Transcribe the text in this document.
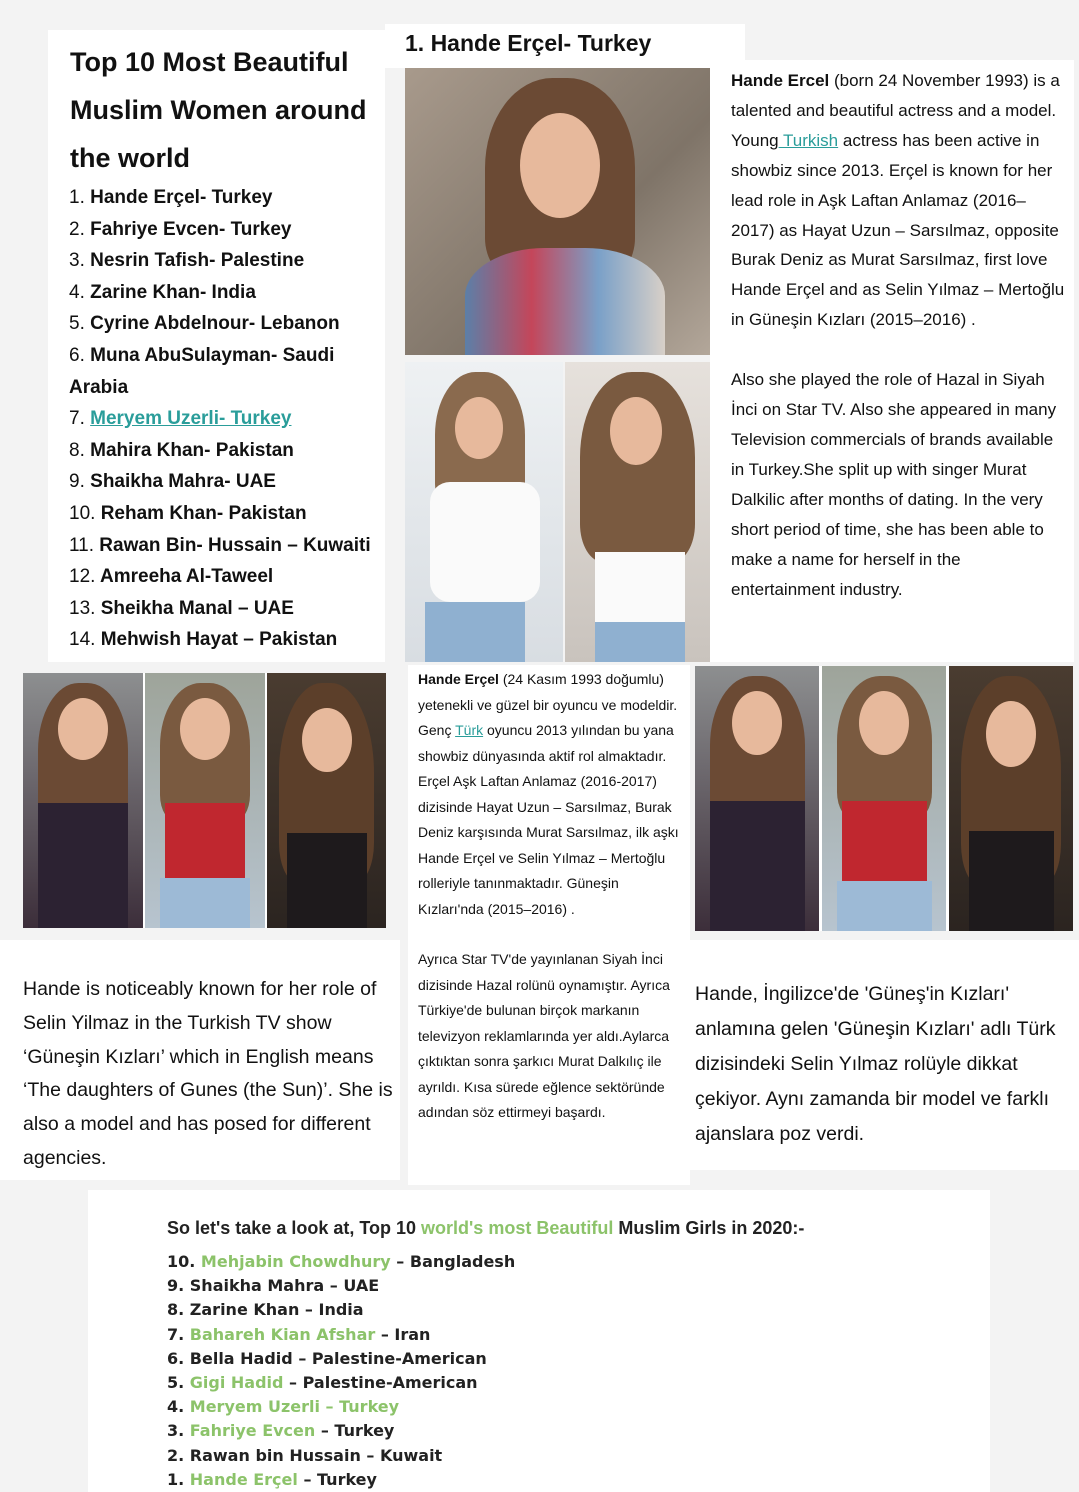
Top 10 Most Beautiful Muslim Women around the world
1. Hande Erçel- Turkey
2. Fahriye Evcen- Turkey
3. Nesrin Tafish- Palestine
4. Zarine Khan- India
5. Cyrine Abdelnour- Lebanon
6. Muna AbuSulayman- Saudi Arabia
7. Meryem Uzerli- Turkey
8. Mahira Khan- Pakistan
9. Shaikha Mahra- UAE
10. Reham Khan- Pakistan
11. Rawan Bin- Hussain – Kuwaiti
12. Amreeha Al-Taweel
13. Sheikha Manal – UAE
14. Mehwish Hayat – Pakistan
1. Hande Erçel- Turkey

Hande Ercel (born 24 November 1993) is a talented and beautiful actress and a model. Young Turkish actress has been active in showbiz since 2013. Erçel is known for her lead role in Aşk Laftan Anlamaz (2016–2017) as Hayat Uzun – Sarsılmaz, opposite Burak Deniz as Murat Sarsılmaz, first love Hande Erçel and as Selin Yılmaz – Mertoğlu in Güneşin Kızları (2015–2016) .

Also she played the role of Hazal in Siyah İnci on Star TV. Also she appeared in many Television commercials of brands available in Turkey.She split up with singer Murat Dalkilic after months of dating. In the very short period of time, she has been able to make a name for herself in the entertainment industry.

Hande Erçel (24 Kasım 1993 doğumlu) yetenekli ve güzel bir oyuncu ve modeldir. Genç Türk oyuncu 2013 yılından bu yana showbiz dünyasında aktif rol almaktadır. Erçel Aşk Laftan Anlamaz (2016-2017) dizisinde Hayat Uzun – Sarsılmaz, Burak Deniz karşısında Murat Sarsılmaz, ilk aşkı Hande Erçel ve Selin Yılmaz – Mertoğlu rolleriyle tanınmaktadır. Güneşin Kızları'nda (2015–2016) .

Ayrıca Star TV'de yayınlanan Siyah İnci dizisinde Hazal rolünü oynamıştır. Ayrıca Türkiye'de bulunan birçok markanın televizyon reklamlarında yer aldı.Aylarca çıktıktan sonra şarkıcı Murat Dalkılıç ile ayrıldı. Kısa sürede eğlence sektöründe adından söz ettirmeyi başardı.

Hande is noticeably known for her role of Selin Yilmaz in the Turkish TV show ‘Güneşin Kızları’ which in English means ‘The daughters of Gunes (the Sun)’. She is also a model and has posed for different agencies.
Hande, İngilizce'de 'Güneş'in Kızları' anlamına gelen 'Güneşin Kızları' adlı Türk dizisindeki Selin Yılmaz rolüyle dikkat çekiyor. Aynı zamanda bir model ve farklı ajanslara poz verdi.
So let's take a look at, Top 10 world's most Beautiful Muslim Girls in 2020:-
10. Mehjabin Chowdhury – Bangladesh
9. Shaikha Mahra – UAE
8. Zarine Khan – India
7. Bahareh Kian Afshar – Iran
6. Bella Hadid – Palestine-American
5. Gigi Hadid – Palestine-American
4. Meryem Uzerli – Turkey
3. Fahriye Evcen – Turkey
2. Rawan bin Hussain – Kuwait
1. Hande Erçel – Turkey
